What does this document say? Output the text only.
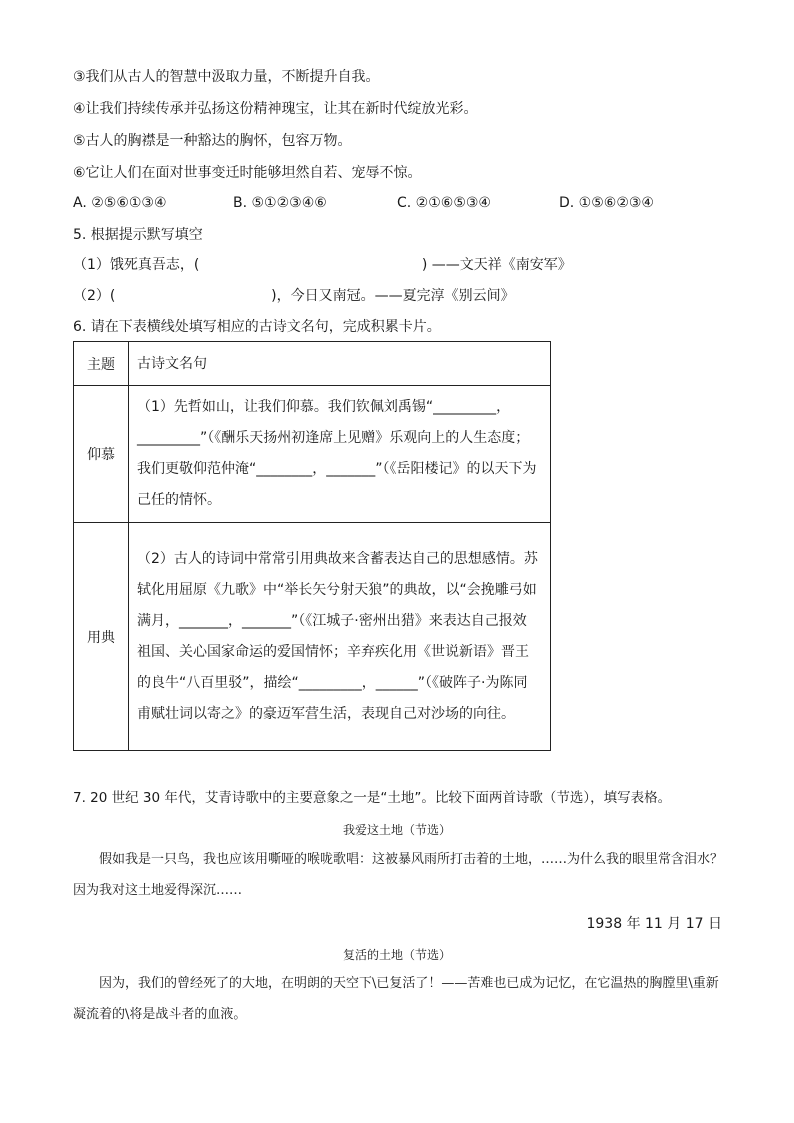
③我们从古人的智慧中汲取力量，不断提升自我。
④让我们持续传承并弘扬这份精神瑰宝，让其在新时代绽放光彩。
⑤古人的胸襟是一种豁达的胸怀，包容万物。
⑥它让人们在面对世事变迁时能够坦然自若、宠辱不惊。
A. ②⑤⑥①③④	B. ⑤①②③④⑥	C. ②①⑥⑤③④	D. ①⑤⑥②③④
5. 根据提示默写填空
（1）饿死真吾志，(                                                  ) ——文天祥《南安军》
（2）(                                   )，今日又南冠。——夏完淳《别云间》
6. 请在下表横线处填写相应的古诗文名句，完成积累卡片。
主题	古诗文名句
仰慕	（1）先哲如山，让我们仰慕。我们钦佩刘禹锡“_________，_________”（《酬乐天扬州初逢席上见赠》乐观向上的人生态度；我们更敬仰范仲淹“________，_______”（《岳阳楼记》的以天下为己任的情怀。
用典	（2）古人的诗词中常常引用典故来含蓄表达自己的思想感情。苏轼化用屈原《九歌》中“举长矢兮射天狼”的典故，以“会挽雕弓如满月，_______，_______”（《江城子·密州出猎》来表达自己报效祖国、关心国家命运的爱国情怀；辛弃疾化用《世说新语》晋王的良牛“八百里驳”，描绘“_________，______”（《破阵子·为陈同甫赋壮词以寄之》的豪迈军营生活，表现自己对沙场的向往。
7. 20 世纪 30 年代，艾青诗歌中的主要意象之一是“土地”。比较下面两首诗歌（节选），填写表格。
我爱这土地（节选）
假如我是一只鸟，我也应该用嘶哑的喉咙歌唱：这被暴风雨所打击着的土地，……为什么我的眼里常含泪水？因为我对这土地爱得深沉……
1938 年 11 月 17 日
复活的土地（节选）
因为，我们的曾经死了的大地，在明朗的天空下\已复活了！——苦难也已成为记忆，在它温热的胸膛里\重新凝流着的\将是战斗者的血液。
